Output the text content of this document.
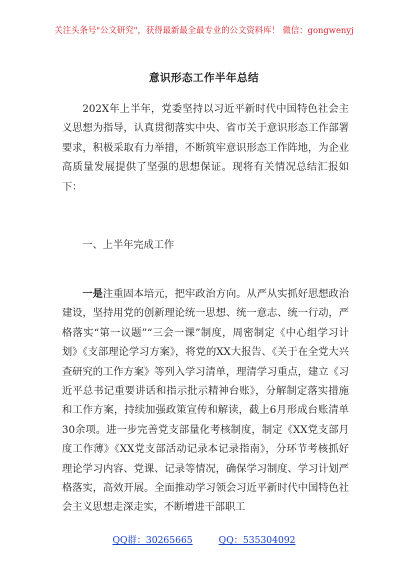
关注头条号"公文研究"，获得最新最全最专业的公文资料库！ 微信：gongwenyj
意识形态工作半年总结

202X年上半年，党委坚持以习近平新时代中国特色社会主义思想为指导，认真贯彻落实中央、省市关于意识形态工作部署要求，积极采取有力举措，不断筑牢意识形态工作阵地，为企业高质量发展提供了坚强的思想保证。现将有关情况总结汇报如下：

一、上半年完成工作

一是注重固本培元，把牢政治方向。从严从实抓好思想政治建设，坚持用党的创新理论统一思想、统一意志、统一行动，严格落实“第一议题”“三会一课”制度，周密制定《中心组学习计划》《支部理论学习方案》，将党的XX大报告、《关于在全党大兴查研究的工作方案》等列入学习清单，理清学习重点，建立《习近平总书记重要讲话和指示批示精神台账》，分解制定落实措施和工作方案，持续加强政策宣传和解读，截上6月形成台账清单30余项。进一步完善党支部量化考核制度，制定《XX党支部月度工作薄》《XX党支部活动记录本记录指南》，分环节考核抓好理论学习内容、党课、记录等情况，确保学习制度、学习计划严格落实，高效开展。全面推动学习领会习近平新时代中国特色社会主义思想走深走实，不断增进干部职工

QQ群：30265665	QQ：535304092
